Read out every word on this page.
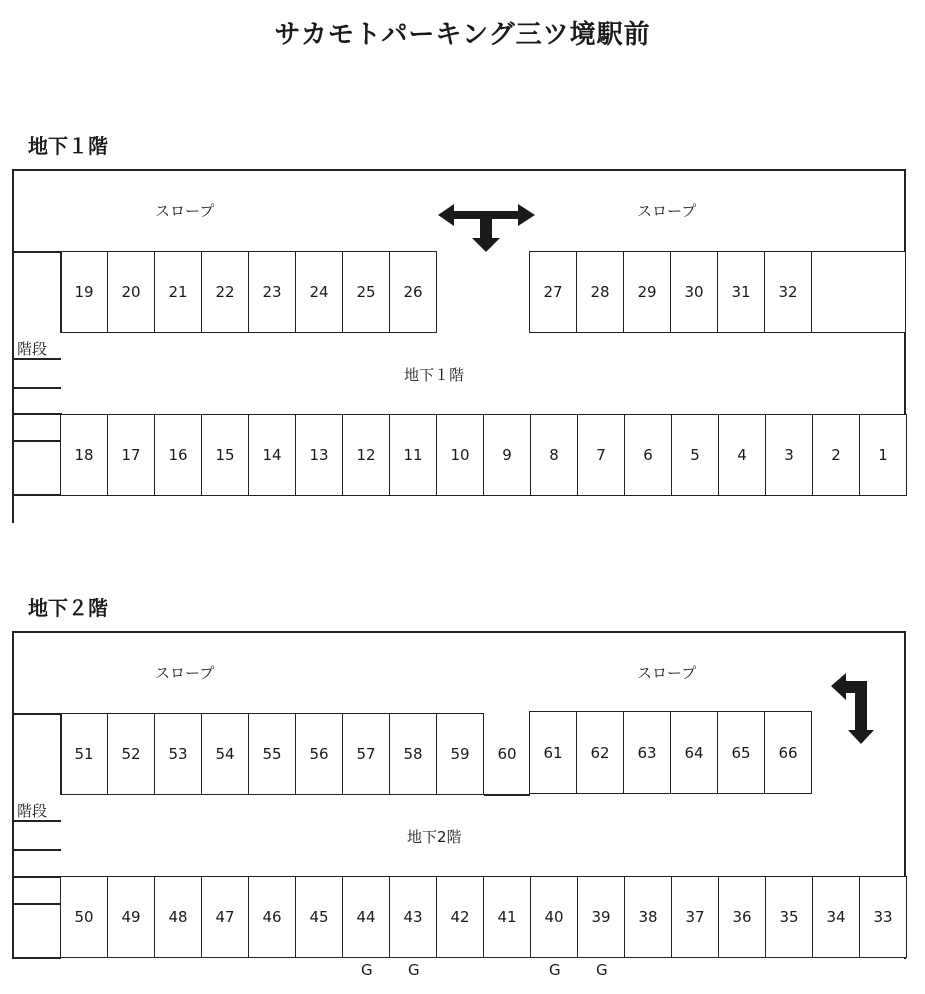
サカモトパーキング三ツ境駅前
地下１階
スロープ	スロープ
19	20	21	22	23	24	25	26	27	28	29	30	31	32
階段
地下１階
18	17	16	15	14	13	12	11	10	9	8	7	6	5	4	3	2	1
地下２階
スロープ	スロープ
51	52	53	54	55	56	57	58	59	60	61	62	63	64	65	66
階段
地下2階
50	49	48	47	46	45	44	43	42	41	40	39	38	37	36	35	34	33
G G	G G
